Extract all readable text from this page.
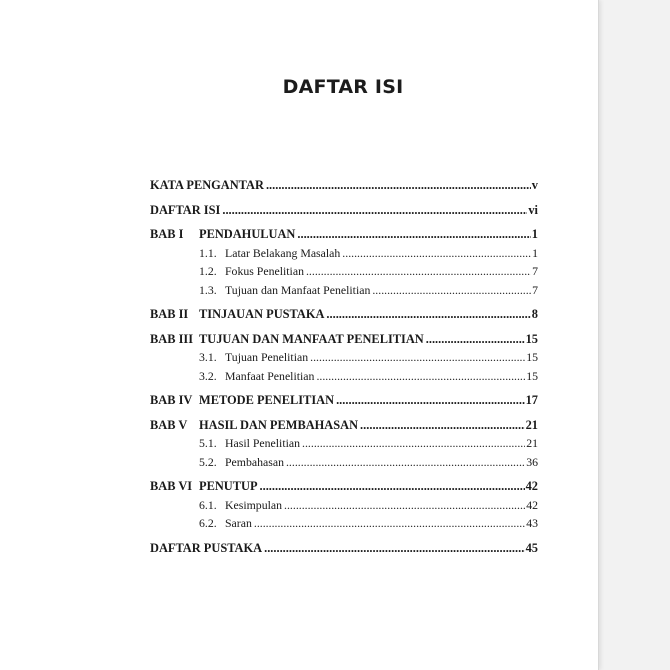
DAFTAR ISI
KATA PENGANTAR .....	v
DAFTAR ISI .....	vi
BAB I	PENDAHULUAN .....	1
1.1. Latar Belakang Masalah .....	1
1.2. Fokus Penelitian .....	7
1.3. Tujuan dan Manfaat Penelitian .....	7
BAB II TINJAUAN PUSTAKA .....	8
BAB III TUJUAN DAN MANFAAT PENELITIAN .....	15
3.1. Tujuan Penelitian .....	15
3.2. Manfaat Penelitian .....	15
BAB IV METODE PENELITIAN .....	17
BAB V HASIL DAN PEMBAHASAN .....	21
5.1. Hasil Penelitian .....	21
5.2. Pembahasan .....	36
BAB VI PENUTUP .....	42
6.1. Kesimpulan .....	42
6.2. Saran .....	43
DAFTAR PUSTAKA .....	45
